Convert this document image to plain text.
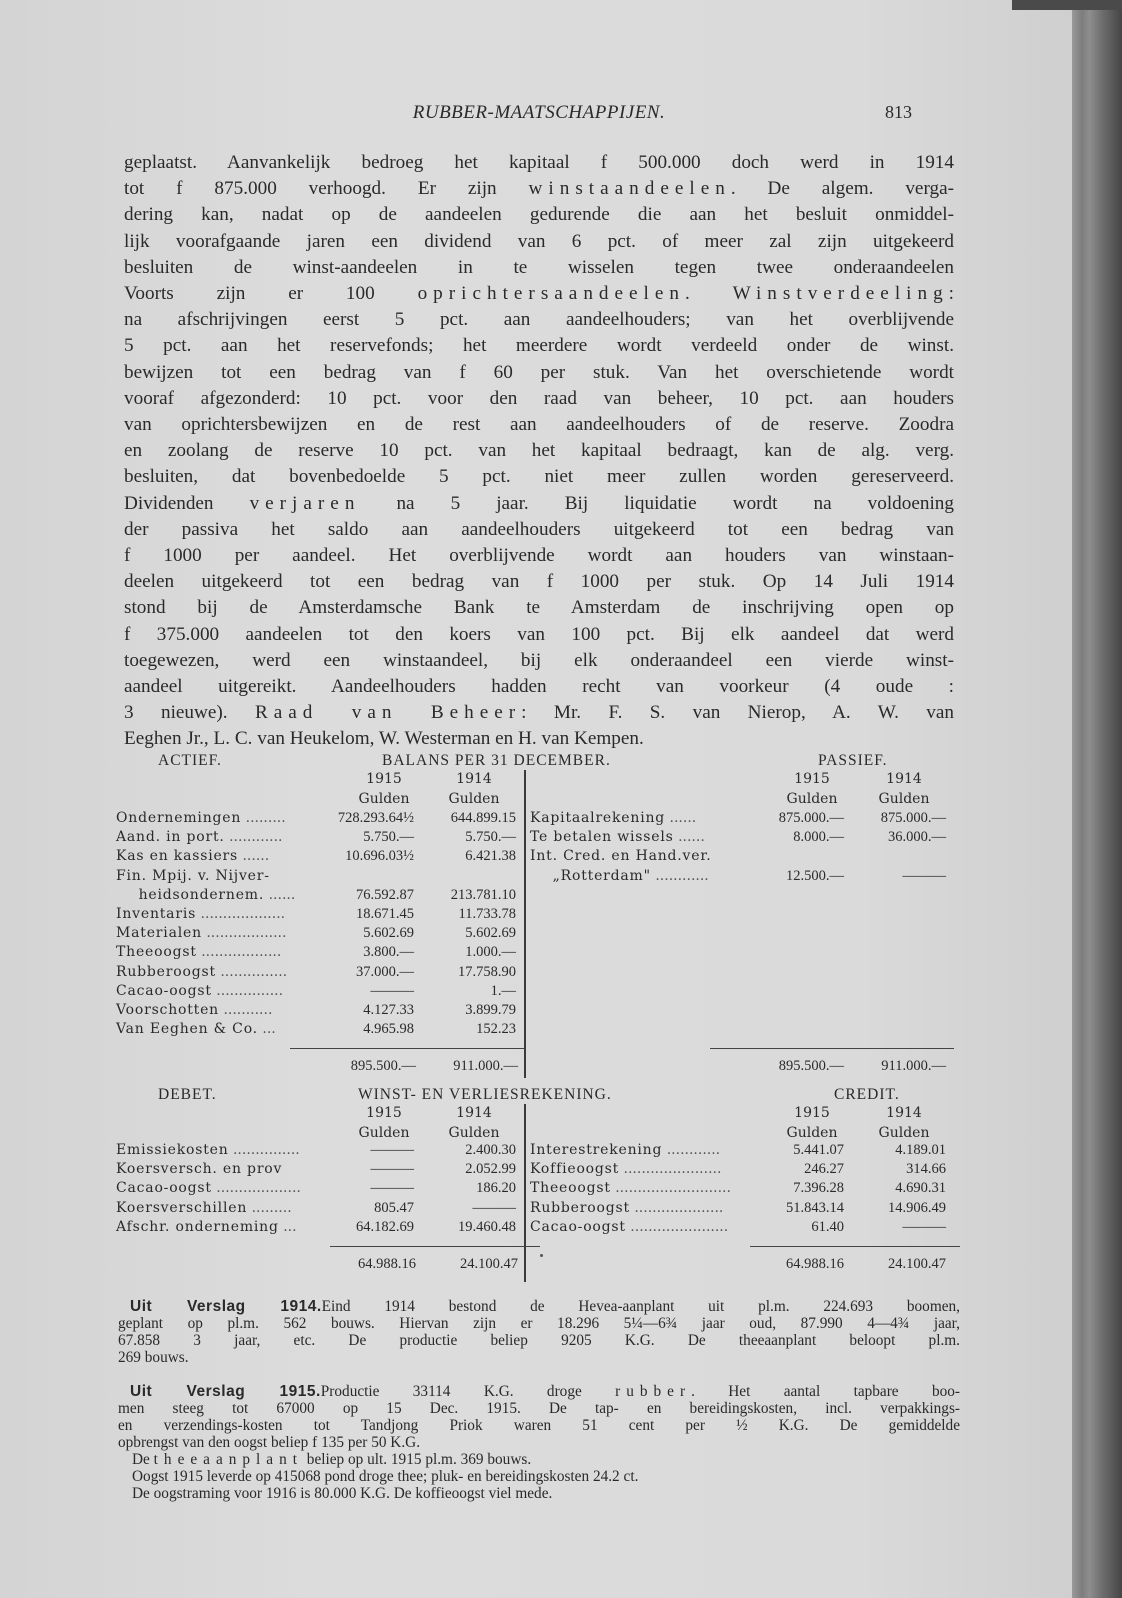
RUBBER-MAATSCHAPPIJEN.	813
geplaatst. Aanvankelijk bedroeg het kapitaal f 500.000 doch werd in 1914
tot f 875.000 verhoogd. Er zijn winstaandeelen. De algem. verga-
dering kan, nadat op de aandeelen gedurende die aan het besluit onmiddel-
lijk voorafgaande jaren een dividend van 6 pct. of meer zal zijn uitgekeerd
besluiten de winst-aandeelen in te wisselen tegen twee onderaandeelen
Voorts zijn er 100 oprichtersaandeelen. Winstverdeeling:
na afschrijvingen eerst 5 pct. aan aandeelhouders; van het overblijvende
5 pct. aan het reservefonds; het meerdere wordt verdeeld onder de winst.
bewijzen tot een bedrag van f 60 per stuk. Van het overschietende wordt
vooraf afgezonderd: 10 pct. voor den raad van beheer, 10 pct. aan houders
van oprichtersbewijzen en de rest aan aandeelhouders of de reserve. Zoodra
en zoolang de reserve 10 pct. van het kapitaal bedraagt, kan de alg. verg.
besluiten, dat bovenbedoelde 5 pct. niet meer zullen worden gereserveerd.
Dividenden verjaren na 5 jaar. Bij liquidatie wordt na voldoening
der passiva het saldo aan aandeelhouders uitgekeerd tot een bedrag van
f 1000 per aandeel. Het overblijvende wordt aan houders van winstaan-
deelen uitgekeerd tot een bedrag van f 1000 per stuk. Op 14 Juli 1914
stond bij de Amsterdamsche Bank te Amsterdam de inschrijving open op
f 375.000 aandeelen tot den koers van 100 pct. Bij elk aandeel dat werd
toegewezen, werd een winstaandeel, bij elk onderaandeel een vierde winst-
aandeel uitgereikt. Aandeelhouders hadden recht van voorkeur (4 oude :
3 nieuwe). Raad van Beheer: Mr. F. S. van Nierop, A. W. van
Eeghen Jr., L. C. van Heukelom, W. Westerman en H. van Kempen.
ACTIEF.	BALANS PER 31 DECEMBER.	PASSIEF.
1915	1914
Gulden	Gulden
1915	1914
Gulden	Gulden
Ondernemingen .........	728.293.64½	644.899.15
Aand. in port. ............	5.750.—	5.750.—
Kas en kassiers ......	10.696.03½	6.421.38
Fin. Mpij. v. Nijver-
  heidsondernem. ......	76.592.87	213.781.10
Inventaris ...................	18.671.45	11.733.78
Materialen ..................	5.602.69	5.602.69
Theeoogst ..................	3.800.—	1.000.—
Rubberoogst ...............	37.000.—	17.758.90
Cacao-oogst ...............	———	1.—
Voorschotten ...........	4.127.33	3.899.79
Van Eeghen & Co. ...	4.965.98	152.23
Kapitaalrekening ......	875.000.—	875.000.—
Te betalen wissels ......	8.000.—	36.000.—
Int. Cred. en Hand.ver.
  „Rotterdam" ............	12.500.—	———
895.500.—	911.000.—	895.500.—	911.000.—
DEBET.	WINST- EN VERLIESREKENING.	CREDIT.
1915	1914
Gulden	Gulden
1915	1914
Gulden	Gulden
Emissiekosten ...............	———	2.400.30
Koersversch. en prov	———	2.052.99
Cacao-oogst ...................	———	186.20
Koersverschillen .........	805.47	———
Afschr. onderneming ...	64.182.69	19.460.48
Interestrekening ............	5.441.07	4.189.01
Koffieoogst ......................	246.27	314.66
Theeoogst ..........................	7.396.28	4.690.31
Rubberoogst ....................	51.843.14	14.906.49
Cacao-oogst ......................	61.40	———
64.988.16	24.100.47	64.988.16	24.100.47
Uit Verslag 1914.Eind 1914 bestond de Hevea-aanplant uit pl.m. 224.693 boomen,
geplant op pl.m. 562 bouws. Hiervan zijn er 18.296 5¼—6¾ jaar oud, 87.990 4—4¾ jaar,
67.858 3 jaar, etc. De productie beliep 9205 K.G. De theeaanplant beloopt pl.m.
269 bouws.
Uit Verslag 1915.Productie 33114 K.G. droge rubber. Het aantal tapbare boo-
men steeg tot 67000 op 15 Dec. 1915. De tap- en bereidingskosten, incl. verpakkings-
en verzendings-kosten tot Tandjong Priok waren 51 cent per ½ K.G. De gemiddelde
opbrengst van den oogst beliep f 135 per 50 K.G.
De theeaanplant beliep op ult. 1915 pl.m. 369 bouws.
Oogst 1915 leverde op 415068 pond droge thee; pluk- en bereidingskosten 24.2 ct.
De oogstraming voor 1916 is 80.000 K.G. De koffieoogst viel mede.
